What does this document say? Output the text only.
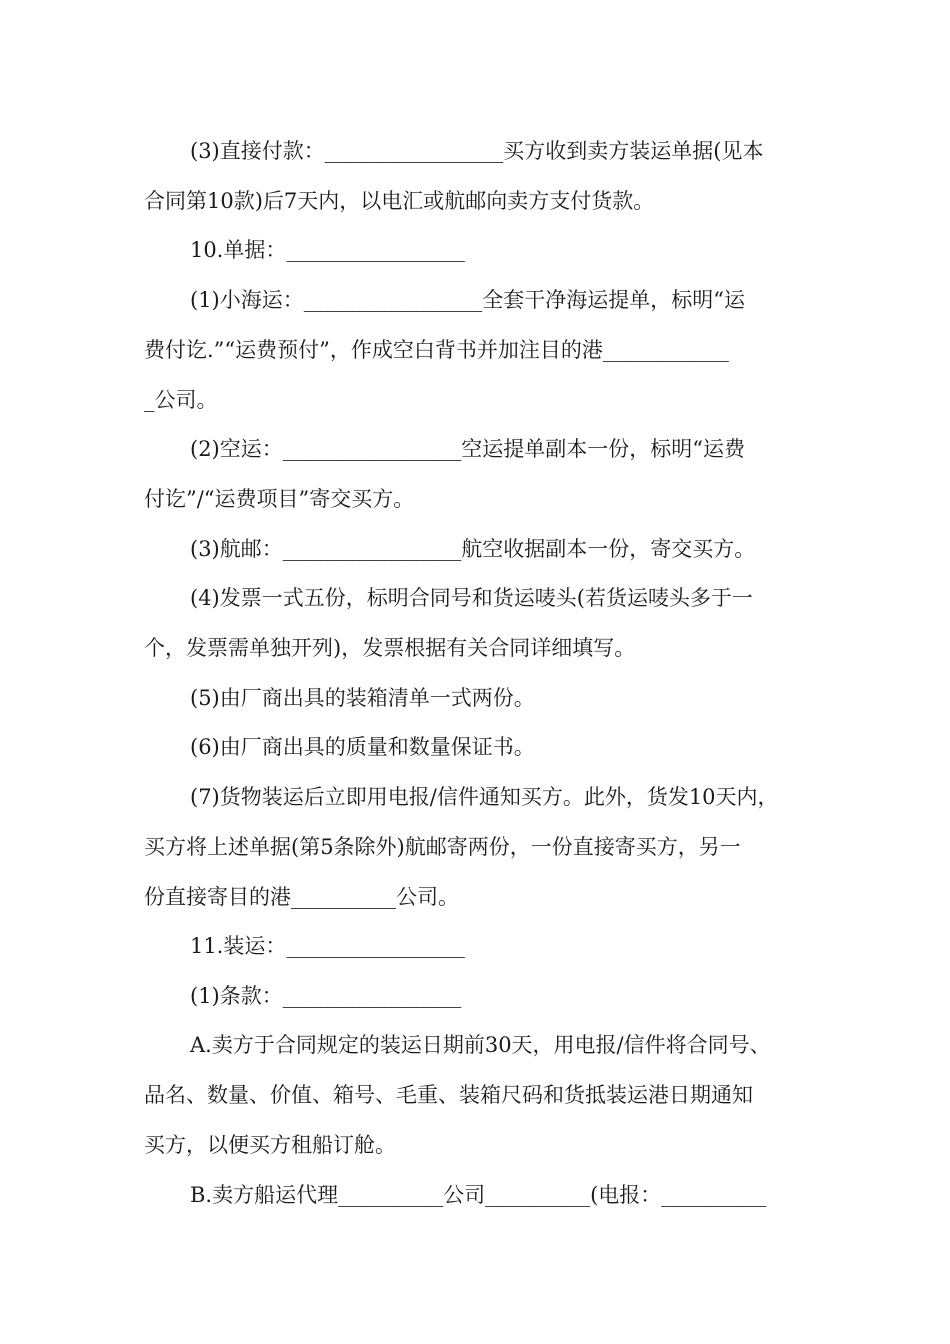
(3)直接付款：_________________买方收到卖方装运单据(见本
合同第10款)后7天内，以电汇或航邮向卖方支付货款。
10.单据：_________________
(1)小海运：_________________全套干净海运提单，标明“运
费付讫.”“运费预付”，作成空白背书并加注目的港____________
_公司。
(2)空运：_________________空运提单副本一份，标明“运费
付讫”/“运费项目”寄交买方。
(3)航邮：_________________航空收据副本一份，寄交买方。
(4)发票一式五份，标明合同号和货运唛头(若货运唛头多于一
个，发票需单独开列)，发票根据有关合同详细填写。
(5)由厂商出具的装箱清单一式两份。
(6)由厂商出具的质量和数量保证书。
(7)货物装运后立即用电报/信件通知买方。此外，货发10天内，
买方将上述单据(第5条除外)航邮寄两份，一份直接寄买方，另一
份直接寄目的港__________公司。
11.装运：_________________
(1)条款：_________________
A.卖方于合同规定的装运日期前30天，用电报/信件将合同号、
品名、数量、价值、箱号、毛重、装箱尺码和货抵装运港日期通知
买方，以便买方租船订舱。
B.卖方船运代理__________公司__________(电报：__________
